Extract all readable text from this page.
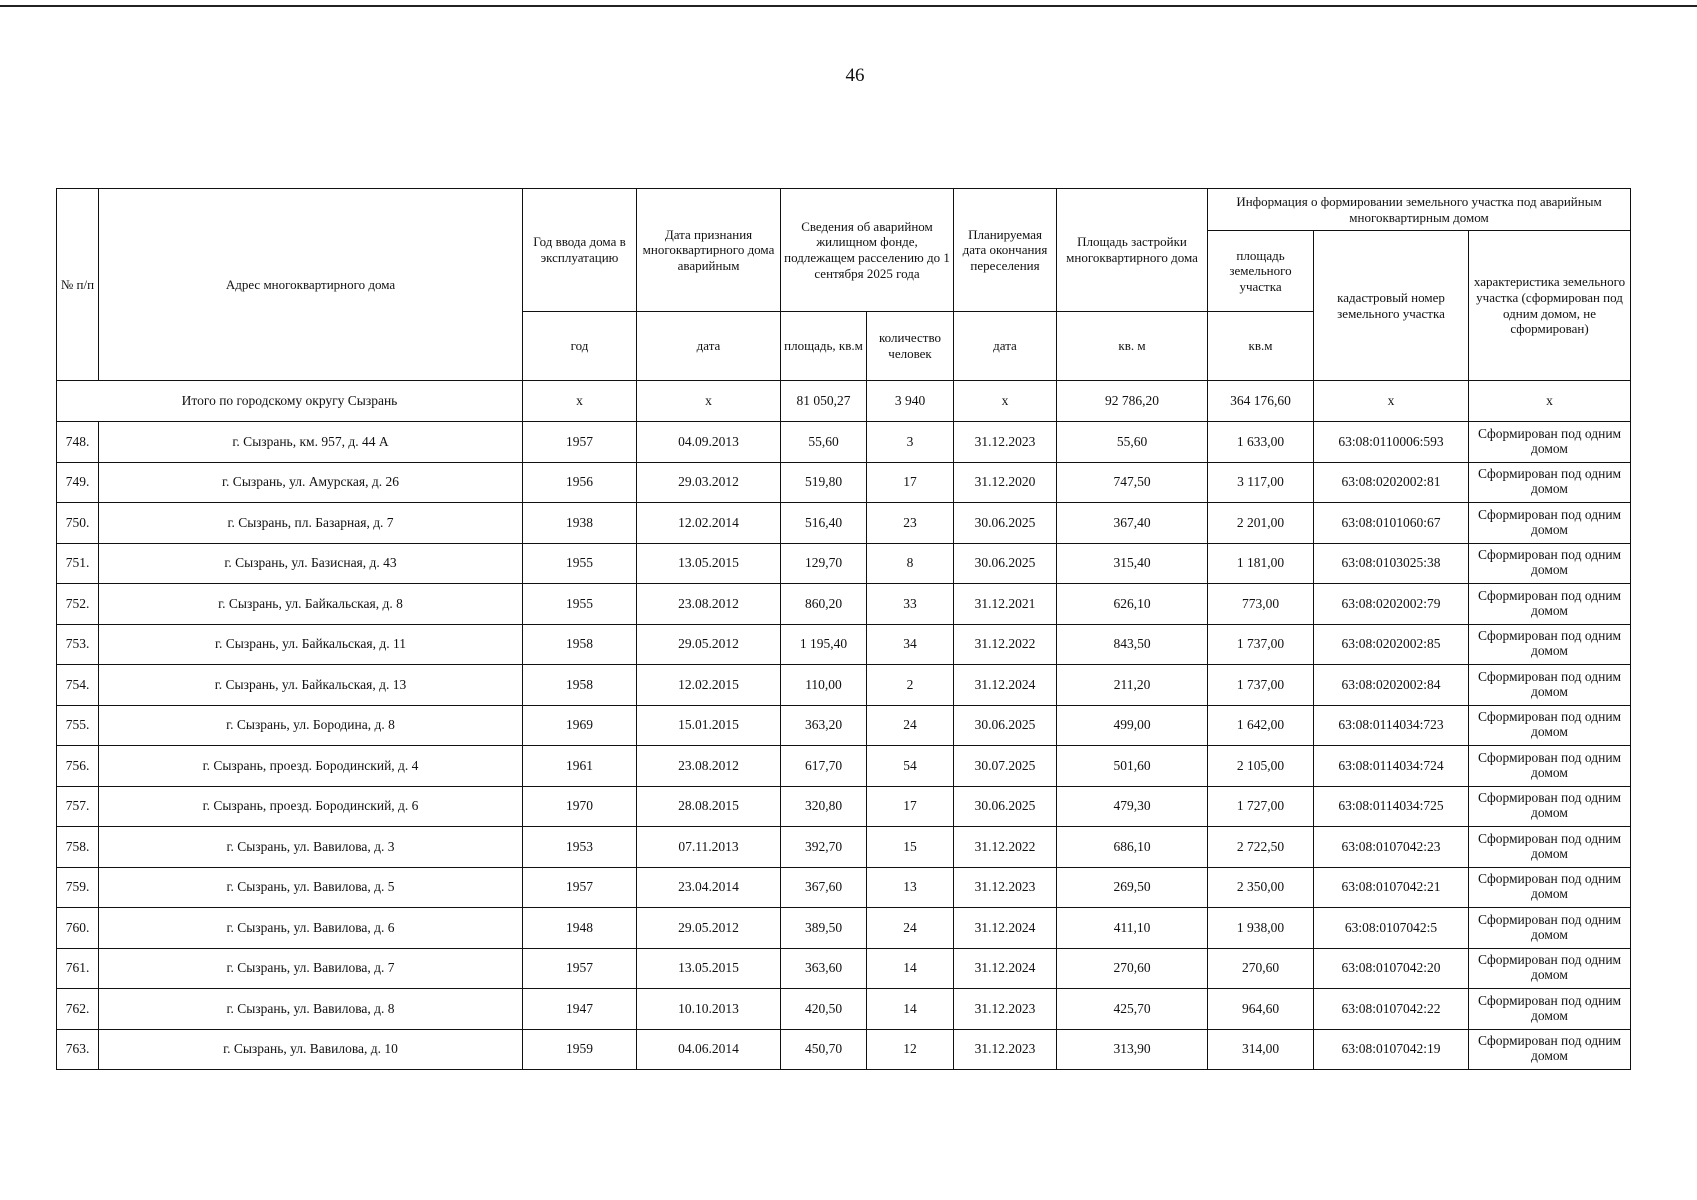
46
№ п/п	Адрес многоквартирного дома	Год ввода дома в эксплуатацию	Дата признания многоквартирного дома аварийным	Сведения об аварийном жилищном фонде, подлежащем расселению до 1 сентября 2025 года		Планируемая дата окончания переселения	Площадь застройки многоквартирного дома	Информация о формировании земельного участка под аварийным многоквартирным домом		
								площадь земельного участка	кадастровый номер земельного участка	характеристика земельного участка (сформирован под одним домом, не сформирован)
		год	дата	площадь, кв.м	количество человек	дата	кв. м	кв.м		
Итого по городскому округу Сызрань		x	x	81 050,27	3 940	x	92 786,20	364 176,60	x	x
748.	г. Сызрань, км. 957, д. 44 А	1957	04.09.2013	55,60	3	31.12.2023	55,60	1 633,00	63:08:0110006:593	Сформирован под одним домом
749.	г. Сызрань, ул. Амурская, д. 26	1956	29.03.2012	519,80	17	31.12.2020	747,50	3 117,00	63:08:0202002:81	Сформирован под одним домом
750.	г. Сызрань, пл. Базарная, д. 7	1938	12.02.2014	516,40	23	30.06.2025	367,40	2 201,00	63:08:0101060:67	Сформирован под одним домом
751.	г. Сызрань, ул. Базисная, д. 43	1955	13.05.2015	129,70	8	30.06.2025	315,40	1 181,00	63:08:0103025:38	Сформирован под одним домом
752.	г. Сызрань, ул. Байкальская, д. 8	1955	23.08.2012	860,20	33	31.12.2021	626,10	773,00	63:08:0202002:79	Сформирован под одним домом
753.	г. Сызрань, ул. Байкальская, д. 11	1958	29.05.2012	1 195,40	34	31.12.2022	843,50	1 737,00	63:08:0202002:85	Сформирован под одним домом
754.	г. Сызрань, ул. Байкальская, д. 13	1958	12.02.2015	110,00	2	31.12.2024	211,20	1 737,00	63:08:0202002:84	Сформирован под одним домом
755.	г. Сызрань, ул. Бородина, д. 8	1969	15.01.2015	363,20	24	30.06.2025	499,00	1 642,00	63:08:0114034:723	Сформирован под одним домом
756.	г. Сызрань, проезд. Бородинский, д. 4	1961	23.08.2012	617,70	54	30.07.2025	501,60	2 105,00	63:08:0114034:724	Сформирован под одним домом
757.	г. Сызрань, проезд. Бородинский, д. 6	1970	28.08.2015	320,80	17	30.06.2025	479,30	1 727,00	63:08:0114034:725	Сформирован под одним домом
758.	г. Сызрань, ул. Вавилова, д. 3	1953	07.11.2013	392,70	15	31.12.2022	686,10	2 722,50	63:08:0107042:23	Сформирован под одним домом
759.	г. Сызрань, ул. Вавилова, д. 5	1957	23.04.2014	367,60	13	31.12.2023	269,50	2 350,00	63:08:0107042:21	Сформирован под одним домом
760.	г. Сызрань, ул. Вавилова, д. 6	1948	29.05.2012	389,50	24	31.12.2024	411,10	1 938,00	63:08:0107042:5	Сформирован под одним домом
761.	г. Сызрань, ул. Вавилова, д. 7	1957	13.05.2015	363,60	14	31.12.2024	270,60	270,60	63:08:0107042:20	Сформирован под одним домом
762.	г. Сызрань, ул. Вавилова, д. 8	1947	10.10.2013	420,50	14	31.12.2023	425,70	964,60	63:08:0107042:22	Сформирован под одним домом
763.	г. Сызрань, ул. Вавилова, д. 10	1959	04.06.2014	450,70	12	31.12.2023	313,90	314,00	63:08:0107042:19	Сформирован под одним домом
